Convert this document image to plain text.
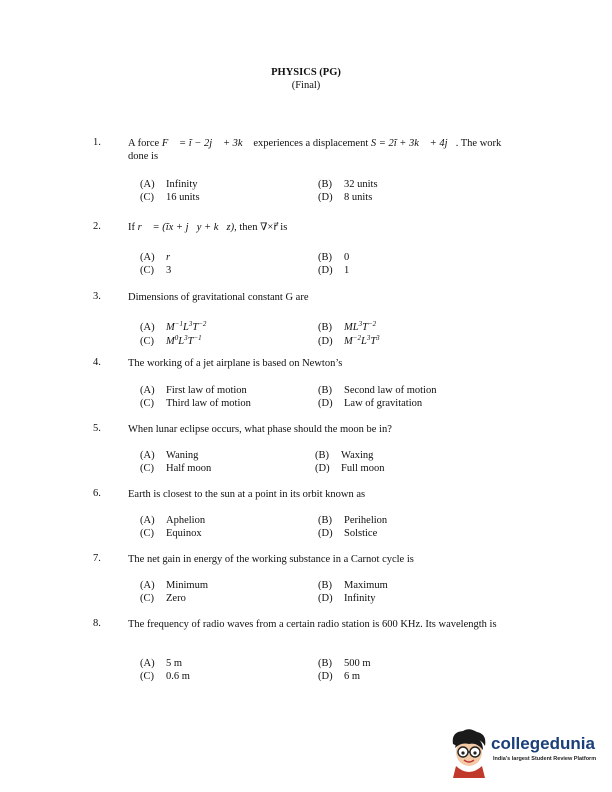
PHYSICS (PG)
(Final)
1.	A force F⃗ = ĩ − 2j⃗ + 3k⃗ experiences a displacement S = 2ĩ + 3k⃗ + 4j⃗. The work done is
(A) Infinity	(B) 32 units
(C) 16 units	(D) 8 units
2.	If r⃗ = (ĩx + j⃗y + k⃗z), then ∇×r⃗ is
(A) r	(B) 0
(C) 3	(D) 1
3.	Dimensions of gravitational constant G are
(A) $M^{-1}L^3T^{-2}$	(B) $ML^3T^{-2}$
(C) $M^0L^3T^{-1}$	(D) $M^{-2}L^3T^3$
4.	The working of a jet airplane is based on Newton’s
(A) First law of motion	(B) Second law of motion
(C) Third law of motion	(D) Law of gravitation
5.	When lunar eclipse occurs, what phase should the moon be in?
(A) Waning	(B) Waxing
(C) Half moon	(D) Full moon
6.	Earth is closest to the sun at a point in its orbit known as
(A) Aphelion	(B) Perihelion
(C) Equinox	(D) Solstice
7.	The net gain in energy of the working substance in a Carnot cycle is
(A) Minimum	(B) Maximum
(C) Zero	(D) Infinity
8.	The frequency of radio waves from a certain radio station is 600 KHz. Its wavelength is
(A) 5 m	(B) 500 m
(C) 0.6 m	(D) 6 m
collegedunia
India's largest Student Review Platform
